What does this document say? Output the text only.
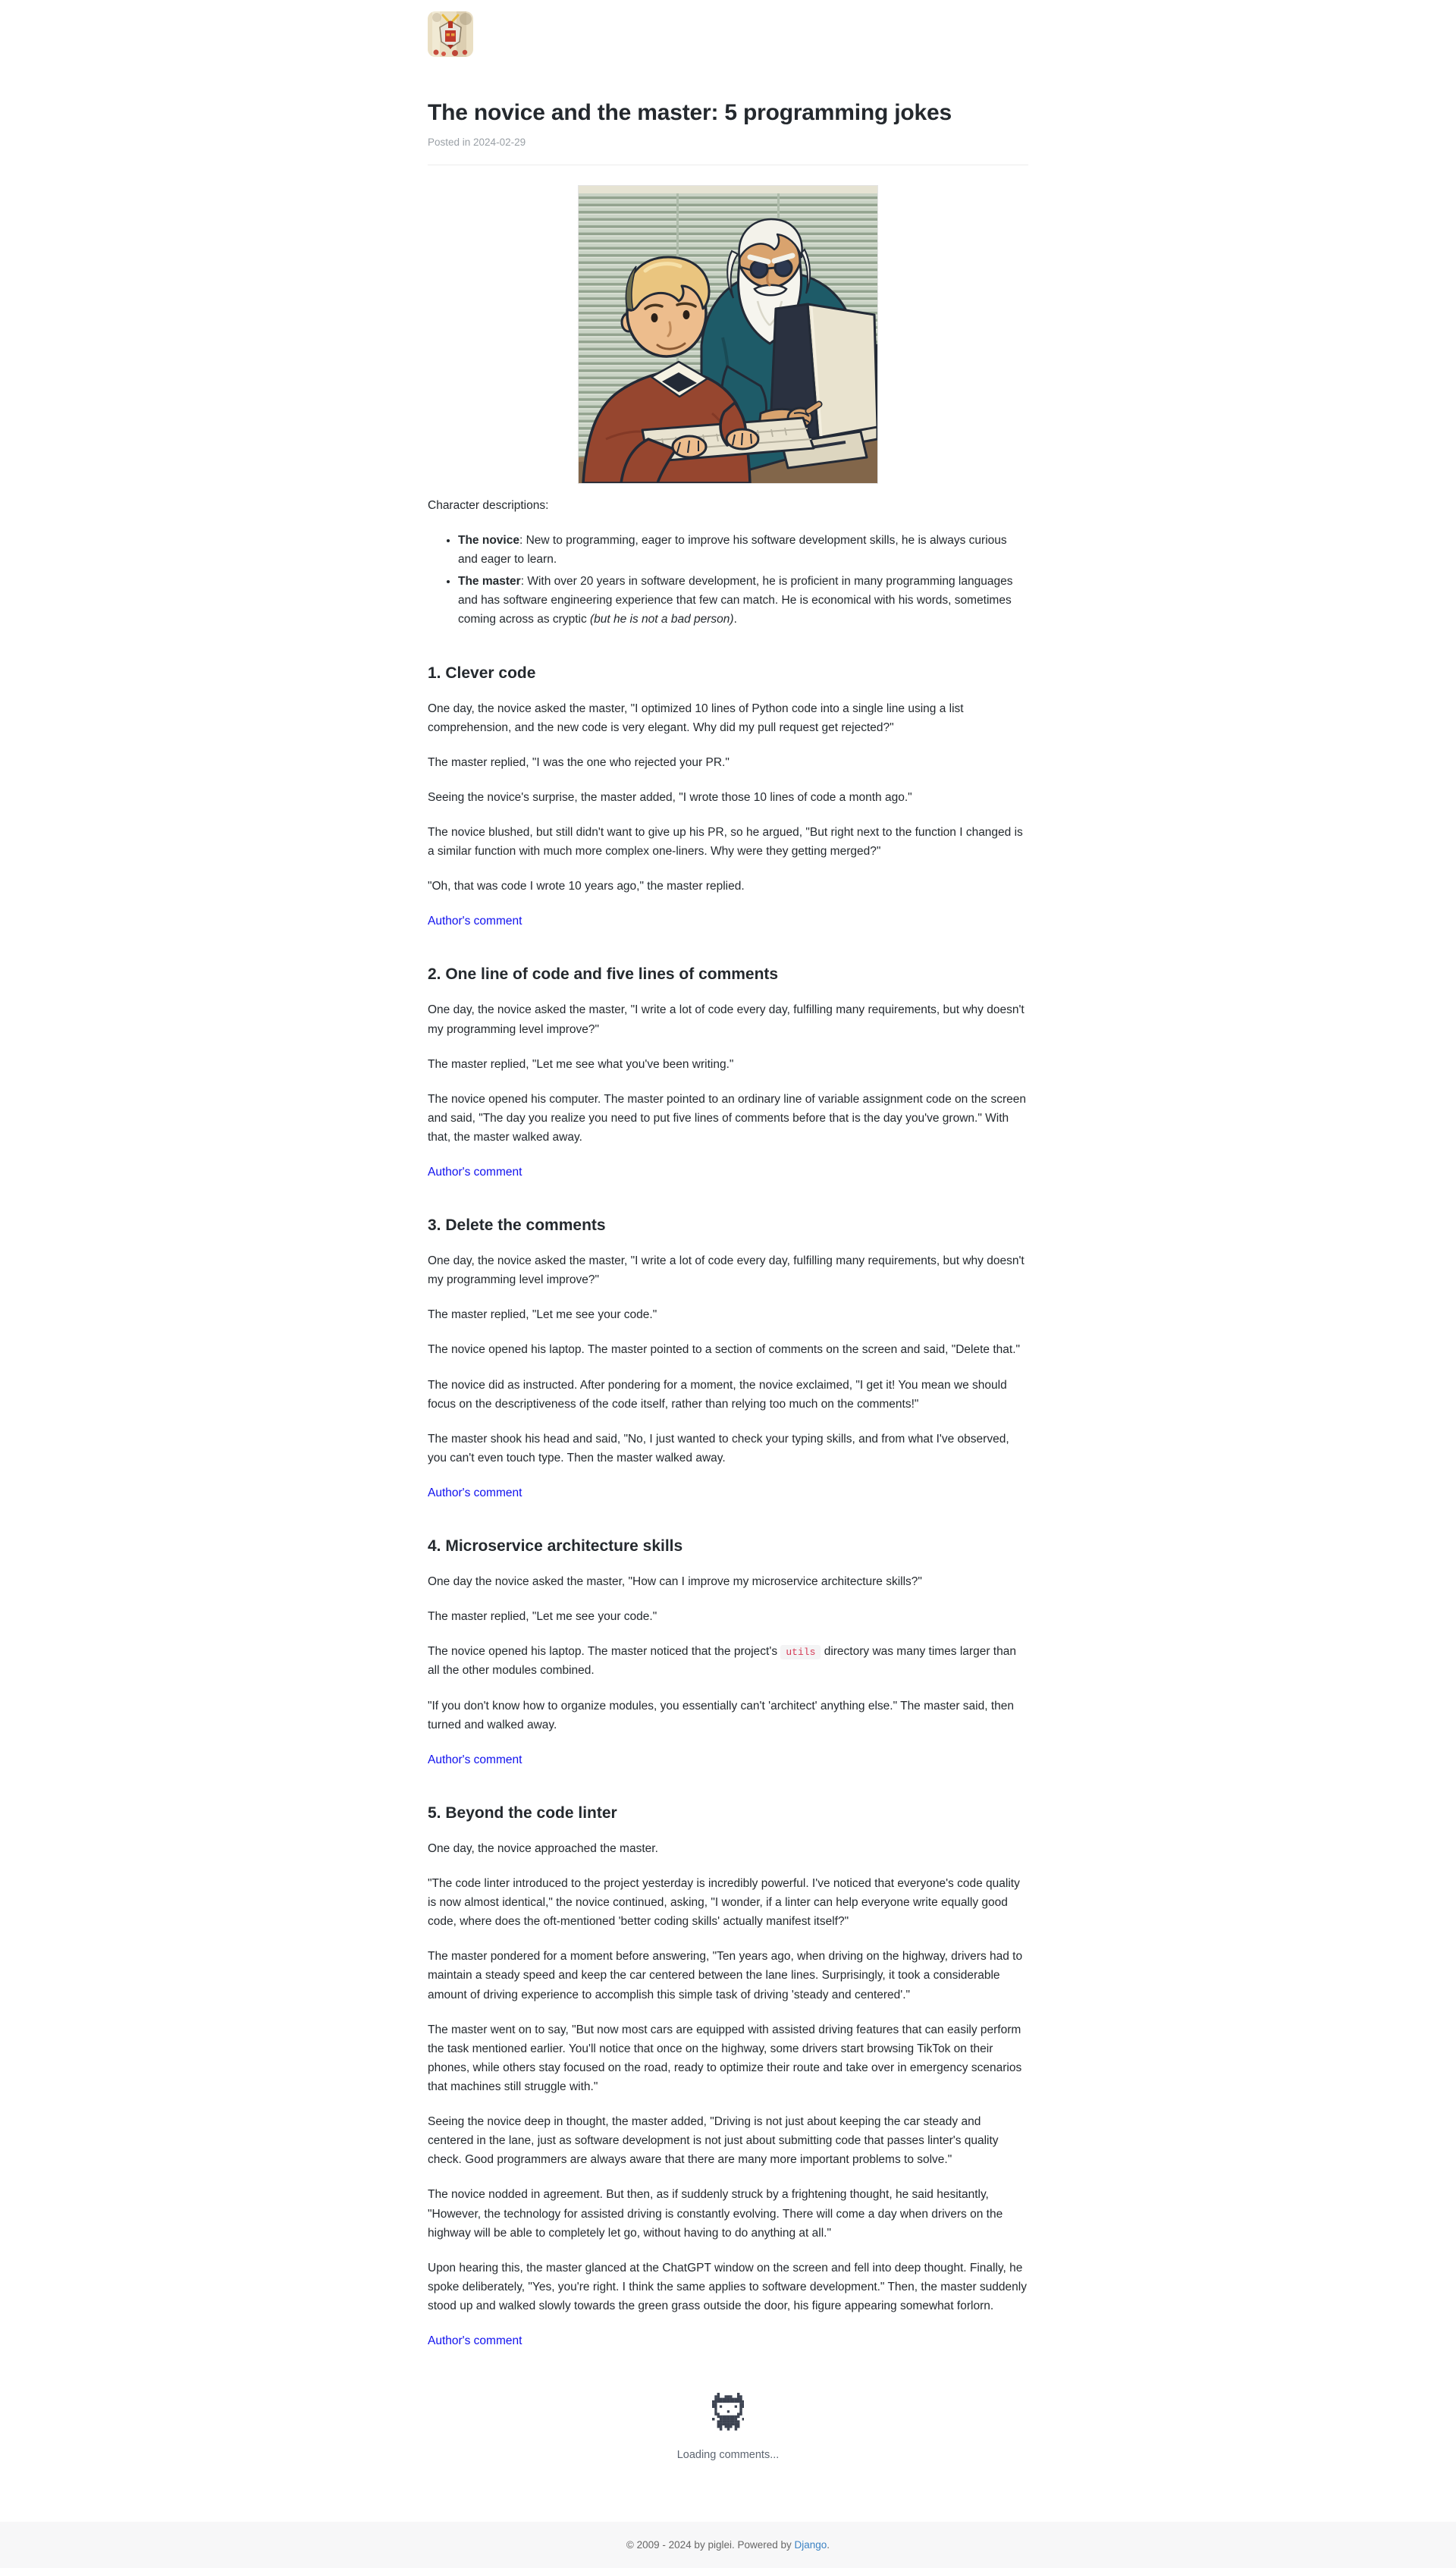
The novice and the master: 5 programming jokes

Posted in 2024-02-29

Character descriptions:

• The novice: New to programming, eager to improve his software development skills, he is always curious and eager to learn.
• The master: With over 20 years in software development, he is proficient in many programming languages and has software engineering experience that few can match. He is economical with his words, sometimes coming across as cryptic (but he is not a bad person).
1. Clever code

One day, the novice asked the master, "I optimized 10 lines of Python code into a single line using a list comprehension, and the new code is very elegant. Why did my pull request get rejected?"

The master replied, "I was the one who rejected your PR."

Seeing the novice's surprise, the master added, "I wrote those 10 lines of code a month ago."

The novice blushed, but still didn't want to give up his PR, so he argued, "But right next to the function I changed is a similar function with much more complex one-liners. Why were they getting merged?"

"Oh, that was code I wrote 10 years ago," the master replied.

Author's comment

2. One line of code and five lines of comments

One day, the novice asked the master, "I write a lot of code every day, fulfilling many requirements, but why doesn't my programming level improve?"

The master replied, "Let me see what you've been writing."

The novice opened his computer. The master pointed to an ordinary line of variable assignment code on the screen and said, "The day you realize you need to put five lines of comments before that is the day you've grown." With that, the master walked away.

Author's comment

3. Delete the comments

One day, the novice asked the master, "I write a lot of code every day, fulfilling many requirements, but why doesn't my programming level improve?"

The master replied, "Let me see your code."

The novice opened his laptop. The master pointed to a section of comments on the screen and said, "Delete that."

The novice did as instructed. After pondering for a moment, the novice exclaimed, "I get it! You mean we should focus on the descriptiveness of the code itself, rather than relying too much on the comments!"

The master shook his head and said, "No, I just wanted to check your typing skills, and from what I've observed, you can't even touch type. Then the master walked away.

Author's comment

4. Microservice architecture skills

One day the novice asked the master, "How can I improve my microservice architecture skills?"

The master replied, "Let me see your code."

The novice opened his laptop. The master noticed that the project's utils directory was many times larger than all the other modules combined.

"If you don't know how to organize modules, you essentially can't 'architect' anything else." The master said, then turned and walked away.

Author's comment

5. Beyond the code linter

One day, the novice approached the master.

"The code linter introduced to the project yesterday is incredibly powerful. I've noticed that everyone's code quality is now almost identical," the novice continued, asking, "I wonder, if a linter can help everyone write equally good code, where does the oft-mentioned 'better coding skills' actually manifest itself?"

The master pondered for a moment before answering, "Ten years ago, when driving on the highway, drivers had to maintain a steady speed and keep the car centered between the lane lines. Surprisingly, it took a considerable amount of driving experience to accomplish this simple task of driving 'steady and centered'."

The master went on to say, "But now most cars are equipped with assisted driving features that can easily perform the task mentioned earlier. You'll notice that once on the highway, some drivers start browsing TikTok on their phones, while others stay focused on the road, ready to optimize their route and take over in emergency scenarios that machines still struggle with."

Seeing the novice deep in thought, the master added, "Driving is not just about keeping the car steady and centered in the lane, just as software development is not just about submitting code that passes linter's quality check. Good programmers are always aware that there are many more important problems to solve."

The novice nodded in agreement. But then, as if suddenly struck by a frightening thought, he said hesitantly, "However, the technology for assisted driving is constantly evolving. There will come a day when drivers on the highway will be able to completely let go, without having to do anything at all."

Upon hearing this, the master glanced at the ChatGPT window on the screen and fell into deep thought. Finally, he spoke deliberately, "Yes, you're right. I think the same applies to software development." Then, the master suddenly stood up and walked slowly towards the green grass outside the door, his figure appearing somewhat forlorn.

Author's comment

Loading comments...

© 2009 - 2024 by piglei. Powered by Django.
